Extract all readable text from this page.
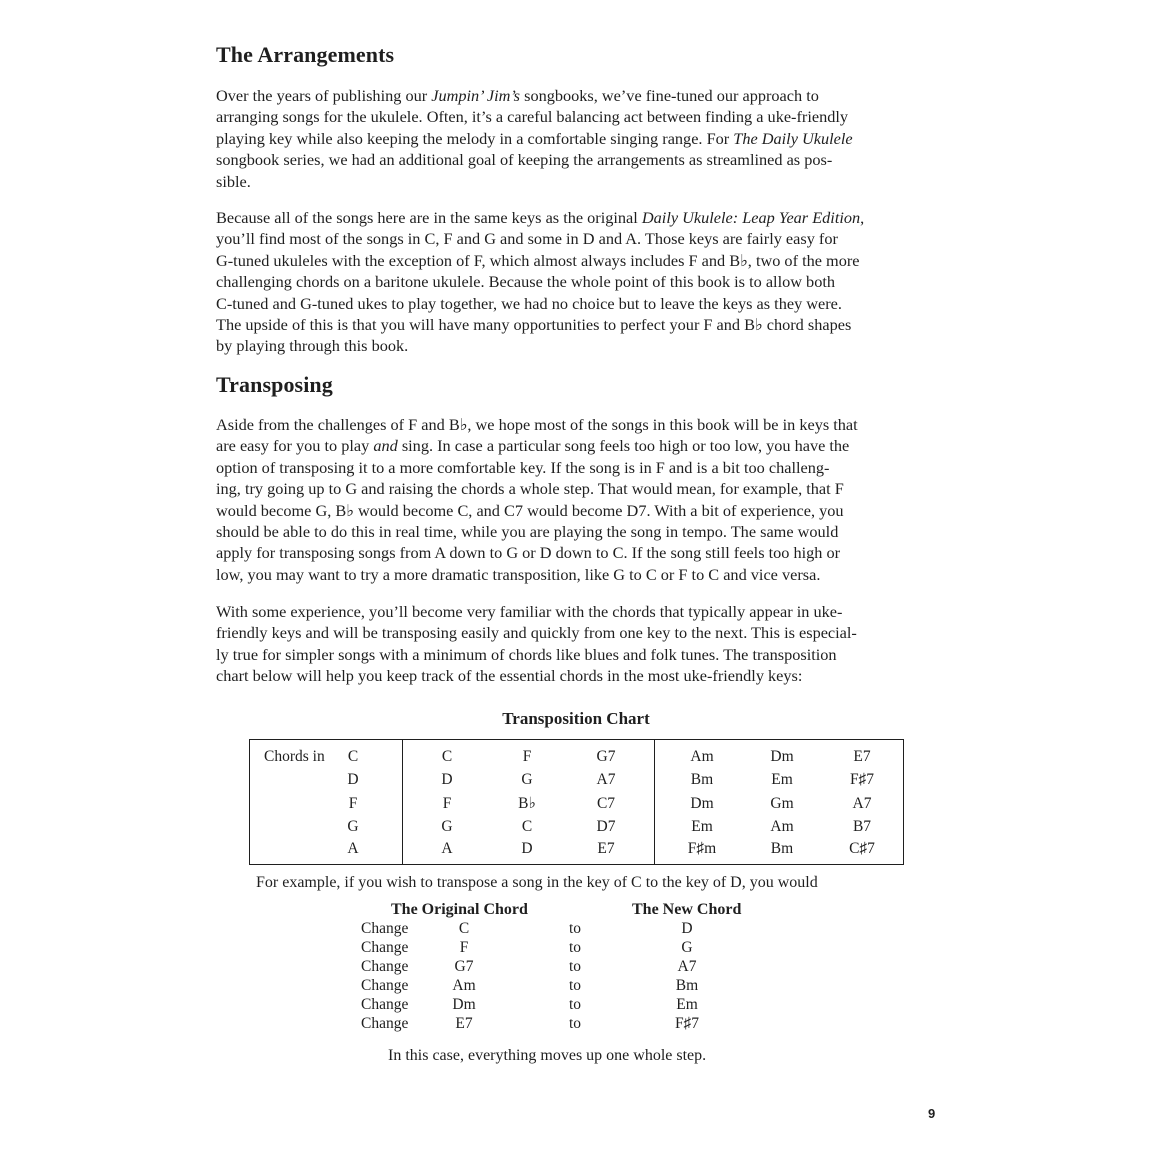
The Arrangements
Over the years of publishing our Jumpin’ Jim’s songbooks, we’ve fine-tuned our approach to
arranging songs for the ukulele. Often, it’s a careful balancing act between finding a uke-friendly
playing key while also keeping the melody in a comfortable singing range. For The Daily Ukulele
songbook series, we had an additional goal of keeping the arrangements as streamlined as pos-
sible.
Because all of the songs here are in the same keys as the original Daily Ukulele: Leap Year Edition,
you’ll find most of the songs in C, F and G and some in D and A. Those keys are fairly easy for
G-tuned ukuleles with the exception of F, which almost always includes F and B♭, two of the more
challenging chords on a baritone ukulele. Because the whole point of this book is to allow both
C-tuned and G-tuned ukes to play together, we had no choice but to leave the keys as they were.
The upside of this is that you will have many opportunities to perfect your F and B♭ chord shapes
by playing through this book.
Transposing
Aside from the challenges of F and B♭, we hope most of the songs in this book will be in keys that
are easy for you to play and sing. In case a particular song feels too high or too low, you have the
option of transposing it to a more comfortable key. If the song is in F and is a bit too challeng-
ing, try going up to G and raising the chords a whole step. That would mean, for example, that F
would become G, B♭ would become C, and C7 would become D7. With a bit of experience, you
should be able to do this in real time, while you are playing the song in tempo. The same would
apply for transposing songs from A down to G or D down to C. If the song still feels too high or
low, you may want to try a more dramatic transposition, like G to C or F to C and vice versa.
With some experience, you’ll become very familiar with the chords that typically appear in uke-
friendly keys and will be transposing easily and quickly from one key to the next. This is especial-
ly true for simpler songs with a minimum of chords like blues and folk tunes. The transposition
chart below will help you keep track of the essential chords in the most uke-friendly keys:
Transposition Chart
Chords in C	C	F	G7	Am	Dm	E7
D	D	G	A7	Bm	Em	F♯7
F	F	B♭	C7	Dm	Gm	A7
G	G	C	D7	Em	Am	B7
A	A	D	E7	F♯m	Bm	C♯7
For example, if you wish to transpose a song in the key of C to the key of D, you would
The Original Chord	The New Chord
Change	C	to	D
Change	F	to	G
Change	G7	to	A7
Change	Am	to	Bm
Change	Dm	to	Em
Change	E7	to	F♯7
In this case, everything moves up one whole step.
9
